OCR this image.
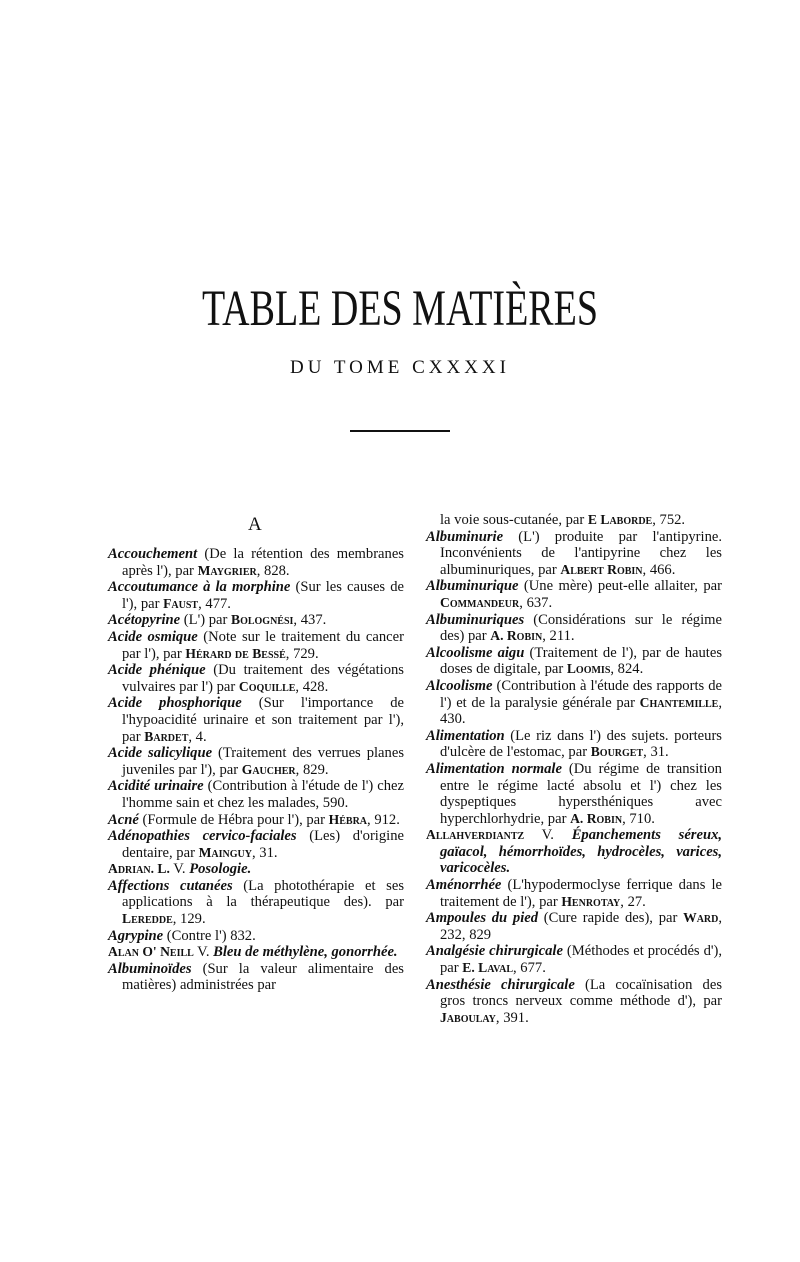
TABLE DES MATIÈRES
DU TOME CXXXXI
A

Accouchement (De la rétention des membranes après l'), par Maygrier, 828.

Accoutumance à la morphine (Sur les causes de l'), par Faust, 477.

Acétopyrine (L') par Bolognési, 437.

Acide osmique (Note sur le traitement du cancer par l'), par Hérard de Bessé, 729.

Acide phénique (Du traitement des végétations vulvaires par l') par Coquille, 428.

Acide phosphorique (Sur l'importance de l'hypoacidité urinaire et son traitement par l'), par Bardet, 4.

Acide salicylique (Traitement des verrues planes juveniles par l'), par Gaucher, 829.

Acidité urinaire (Contribution à l'étude de l') chez l'homme sain et chez les malades, 590.

Acné (Formule de Hébra pour l'), par Hébra, 912.

Adénopathies cervico-faciales (Les) d'origine dentaire, par Mainguy, 31.

Adrian. L. V. Posologie.

Affections cutanées (La photothérapie et ses applications à la thérapeutique des). par Leredde, 129.

Agrypine (Contre l') 832.

Alan O' Neill V. Bleu de méthylène, gonorrhée.

Albuminoïdes (Sur la valeur alimentaire des matières) administrées par

la voie sous-cutanée, par E Laborde, 752.

Albuminurie (L') produite par l'antipyrine. Inconvénients de l'antipyrine chez les albuminuriques, par Albert Robin, 466.

Albuminurique (Une mère) peut-elle allaiter, par Commandeur, 637.

Albuminuriques (Considérations sur le régime des) par A. Robin, 211.

Alcoolisme aigu (Traitement de l'), par de hautes doses de digitale, par Loomis, 824.

Alcoolisme (Contribution à l'étude des rapports de l') et de la paralysie générale par Chantemille, 430.

Alimentation (Le riz dans l') des sujets. porteurs d'ulcère de l'estomac, par Bourget, 31.

Alimentation normale (Du régime de transition entre le régime lacté absolu et l') chez les dyspeptiques hypersthéniques avec hyperchlorhydrie, par A. Robin, 710.

Allahverdiantz V. Épanchements séreux, gaïacol, hémorrhoïdes, hydrocèles, varices, varicocèles.

Aménorrhée (L'hypodermoclyse ferrique dans le traitement de l'), par Henrotay, 27.

Ampoules du pied (Cure rapide des), par Ward, 232, 829

Analgésie chirurgicale (Méthodes et procédés d'), par E. Laval, 677.

Anesthésie chirurgicale (La cocaïnisation des gros troncs nerveux comme méthode d'), par Jaboulay, 391.
